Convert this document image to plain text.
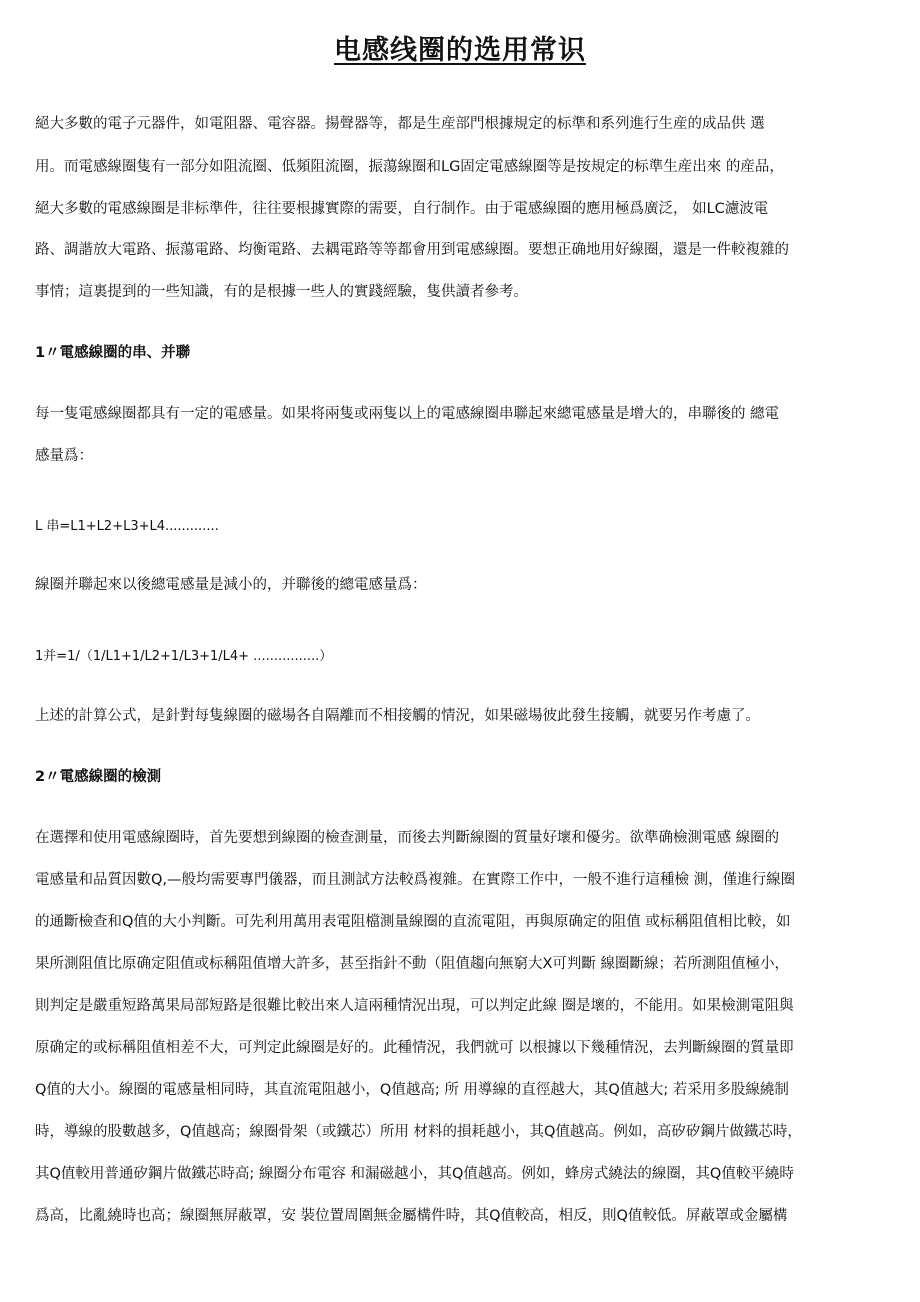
电感线圈的选用常识
絕大多數的電子元器件，如電阻器、電容器。揚聲器等，都是生産部門根據規定的标準和系列進行生産的成品供 選
用。而電感線圈隻有一部分如阻流圈、低頻阻流圈，振蕩線圈和LG固定電感線圈等是按規定的标準生産出來 的産品，
絕大多數的電感線圈是非标準件，往往要根據實際的需要，自行制作。由于電感線圈的應用極爲廣泛， 如LC濾波電
路、調諧放大電路、振蕩電路、均衡電路、去耦電路等等都會用到電感線圈。要想正确地用好線圈，還是一件較複雜的
事情；這裏提到的一些知識，有的是根據一些人的實踐經驗，隻供讀者參考。
1〃電感線圈的串、并聯
每一隻電感線圈都具有一定的電感量。如果将兩隻或兩隻以上的電感線圈串聯起來總電感量是增大的，串聯後的 總電
感量爲：
L 串=L1+L2+L3+L4.............
線圈并聯起來以後總電感量是減小的，并聯後的總電感量爲：
1并=1/（1/L1+1/L2+1/L3+1/L4+ ................）
上述的計算公式，是針對每隻線圈的磁場各自隔離而不相接觸的情況，如果磁場彼此發生接觸，就要另作考慮了。
2〃電感線圈的檢測
在選擇和使用電感線圈時，首先要想到線圈的檢查測量，而後去判斷線圈的質量好壞和優劣。欲準确檢測電感 線圈的
電感量和品質因數Q,—般均需要專門儀器，而且測試方法較爲複雜。在實際工作中，一般不進行這種檢 測，僅進行線圈
的通斷檢查和Q值的大小判斷。可先利用萬用表電阻檔測量線圈的直流電阻，再與原确定的阻值 或标稱阻值相比較，如
果所測阻值比原确定阻值或标稱阻值增大許多，甚至指針不動（阻值趨向無窮大X可判斷 線圈斷線；若所測阻值極小，
則判定是嚴重短路萬果局部短路是很難比較出來人這兩種情況出現，可以判定此線 圈是壞的，不能用。如果檢測電阻與
原确定的或标稱阻值相差不大，可判定此線圈是好的。此種情況，我們就可 以根據以下幾種情況，去判斷線圈的質量即
Q值的大小。線圈的電感量相同時，其直流電阻越小，Q值越高; 所 用導線的直徑越大，其Q值越大; 若采用多股線繞制
時，導線的股數越多，Q值越高；線圈骨架（或鐵芯）所用 材料的損耗越小，其Q值越高。例如，高矽矽鋼片做鐵芯時，
其Q值較用普通矽鋼片做鐵芯時高; 線圈分布電容 和漏磁越小，其Q值越高。例如，蜂房式繞法的線圈，其Q值較平繞時
爲高，比亂繞時也高；線圈無屏蔽罩，安 裝位置周圍無金屬構件時，其Q值較高，相反，則Q值較低。屏蔽罩或金屬構
